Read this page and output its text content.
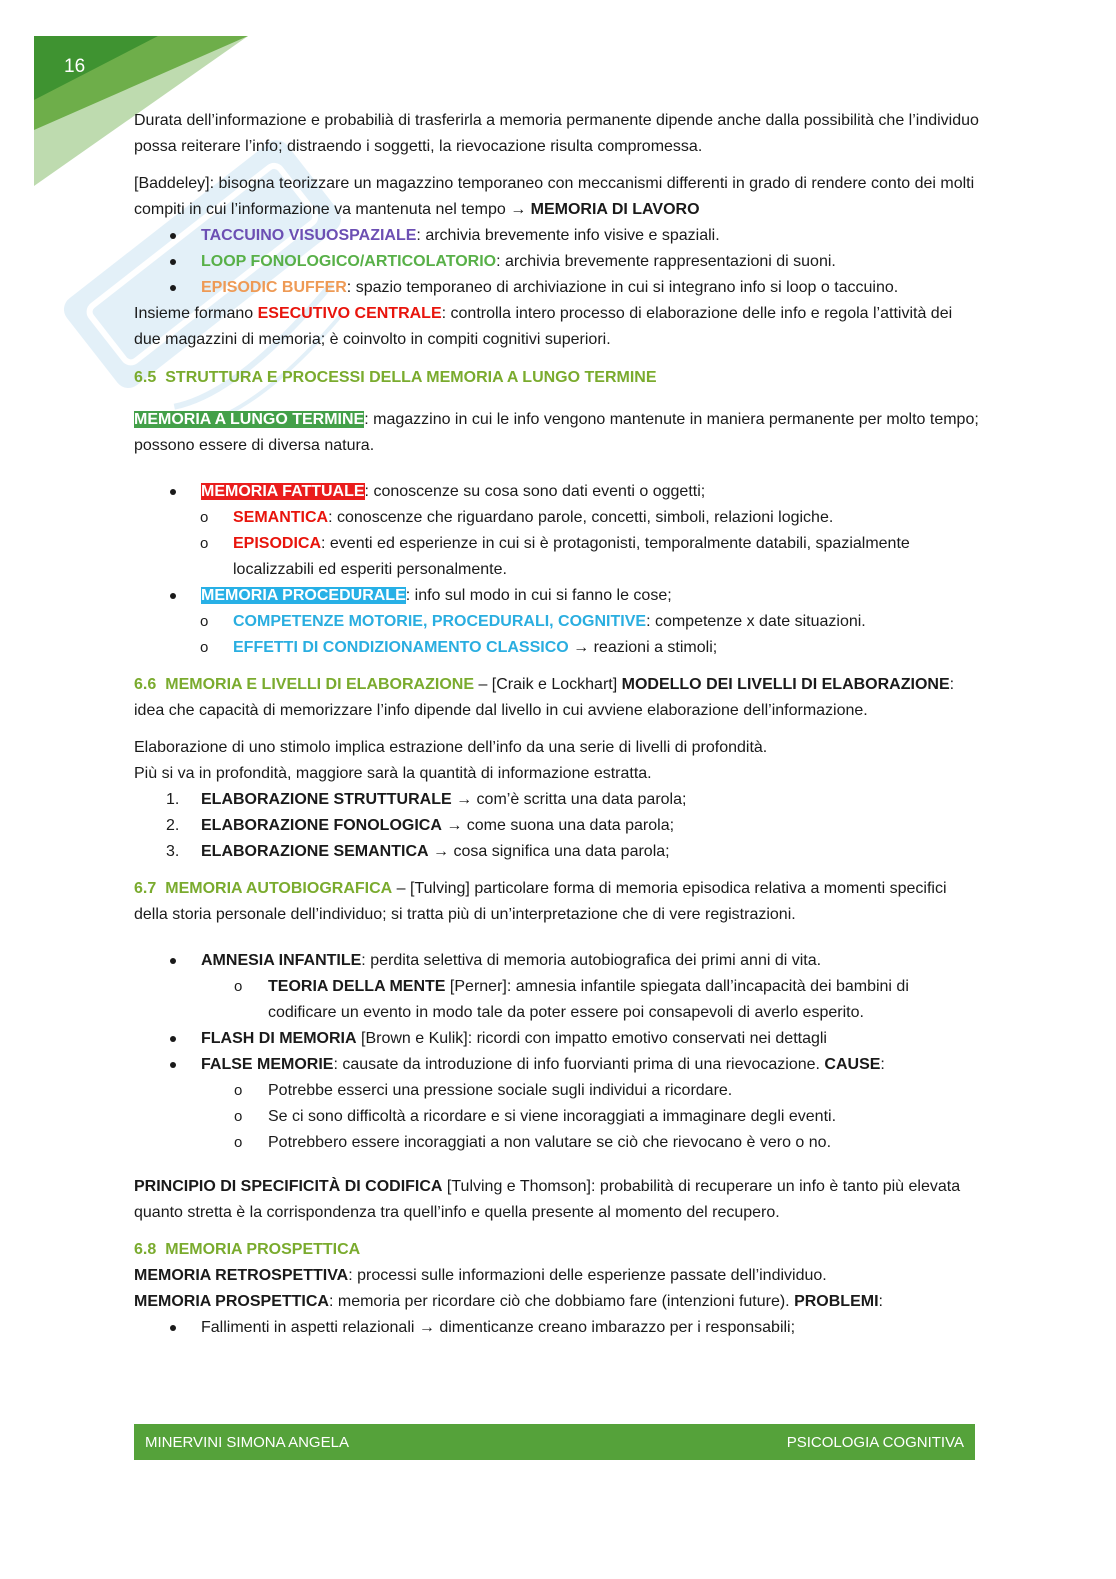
16

Durata dell’informazione e probabilià di trasferirla a memoria permanente dipende anche dalla possibilità che l’individuo possa reiterare l’info; distraendo i soggetti, la rievocazione risulta compromessa.

[Baddeley]: bisogna teorizzare un magazzino temporaneo con meccanismi differenti in grado di rendere conto dei molti compiti in cui l’informazione va mantenuta nel tempo → MEMORIA DI LAVORO

TACCUINO VISUOSPAZIALE: archivia brevemente info visive e spaziali.
LOOP FONOLOGICO/ARTICOLATORIO: archivia brevemente rappresentazioni di suoni.
EPISODIC BUFFER: spazio temporaneo di archiviazione in cui si integrano info si loop o taccuino.

Insieme formano ESECUTIVO CENTRALE: controlla intero processo di elaborazione delle info e regola l’attività dei due magazzini di memoria; è coinvolto in compiti cognitivi superiori.

6.5 STRUTTURA E PROCESSI DELLA MEMORIA A LUNGO TERMINE

MEMORIA A LUNGO TERMINE: magazzino in cui le info vengono mantenute in maniera permanente per molto tempo; possono essere di diversa natura.

MEMORIA FATTUALE: conoscenze su cosa sono dati eventi o oggetti;
o SEMANTICA: conoscenze che riguardano parole, concetti, simboli, relazioni logiche.
o EPISODICA: eventi ed esperienze in cui si è protagonisti, temporalmente databili, spazialmente localizzabili ed esperiti personalmente.
MEMORIA PROCEDURALE: info sul modo in cui si fanno le cose;
o COMPETENZE MOTORIE, PROCEDURALI, COGNITIVE: competenze x date situazioni.
o EFFETTI DI CONDIZIONAMENTO CLASSICO → reazioni a stimoli;

6.6 MEMORIA E LIVELLI DI ELABORAZIONE – [Craik e Lockhart] MODELLO DEI LIVELLI DI ELABORAZIONE: idea che capacità di memorizzare l’info dipende dal livello in cui avviene elaborazione dell’informazione.

Elaborazione di uno stimolo implica estrazione dell’info da una serie di livelli di profondità.

Più si va in profondità, maggiore sarà la quantità di informazione estratta.

1. ELABORAZIONE STRUTTURALE → com’è scritta una data parola;
2. ELABORAZIONE FONOLOGICA → come suona una data parola;
3. ELABORAZIONE SEMANTICA → cosa significa una data parola;

6.7 MEMORIA AUTOBIOGRAFICA – [Tulving] particolare forma di memoria episodica relativa a momenti specifici della storia personale dell’individuo; si tratta più di un’interpretazione che di vere registrazioni.

AMNESIA INFANTILE: perdita selettiva di memoria autobiografica dei primi anni di vita.
o TEORIA DELLA MENTE [Perner]: amnesia infantile spiegata dall’incapacità dei bambini di codificare un evento in modo tale da poter essere poi consapevoli di averlo esperito.
FLASH DI MEMORIA [Brown e Kulik]: ricordi con impatto emotivo conservati nei dettagli
FALSE MEMORIE: causate da introduzione di info fuorvianti prima di una rievocazione. CAUSE:
o Potrebbe esserci una pressione sociale sugli individui a ricordare.
o Se ci sono difficoltà a ricordare e si viene incoraggiati a immaginare degli eventi.
o Potrebbero essere incoraggiati a non valutare se ciò che rievocano è vero o no.

PRINCIPIO DI SPECIFICITÀ DI CODIFICA [Tulving e Thomson]: probabilità di recuperare un info è tanto più elevata quanto stretta è la corrispondenza tra quell’info e quella presente al momento del recupero.

6.8 MEMORIA PROSPETTICA

MEMORIA RETROSPETTIVA: processi sulle informazioni delle esperienze passate dell’individuo.

MEMORIA PROSPETTICA: memoria per ricordare ciò che dobbiamo fare (intenzioni future). PROBLEMI:

Fallimenti in aspetti relazionali → dimenticanze creano imbarazzo per i responsabili;
MINERVINI SIMONA ANGELA	PSICOLOGIA COGNITIVA
